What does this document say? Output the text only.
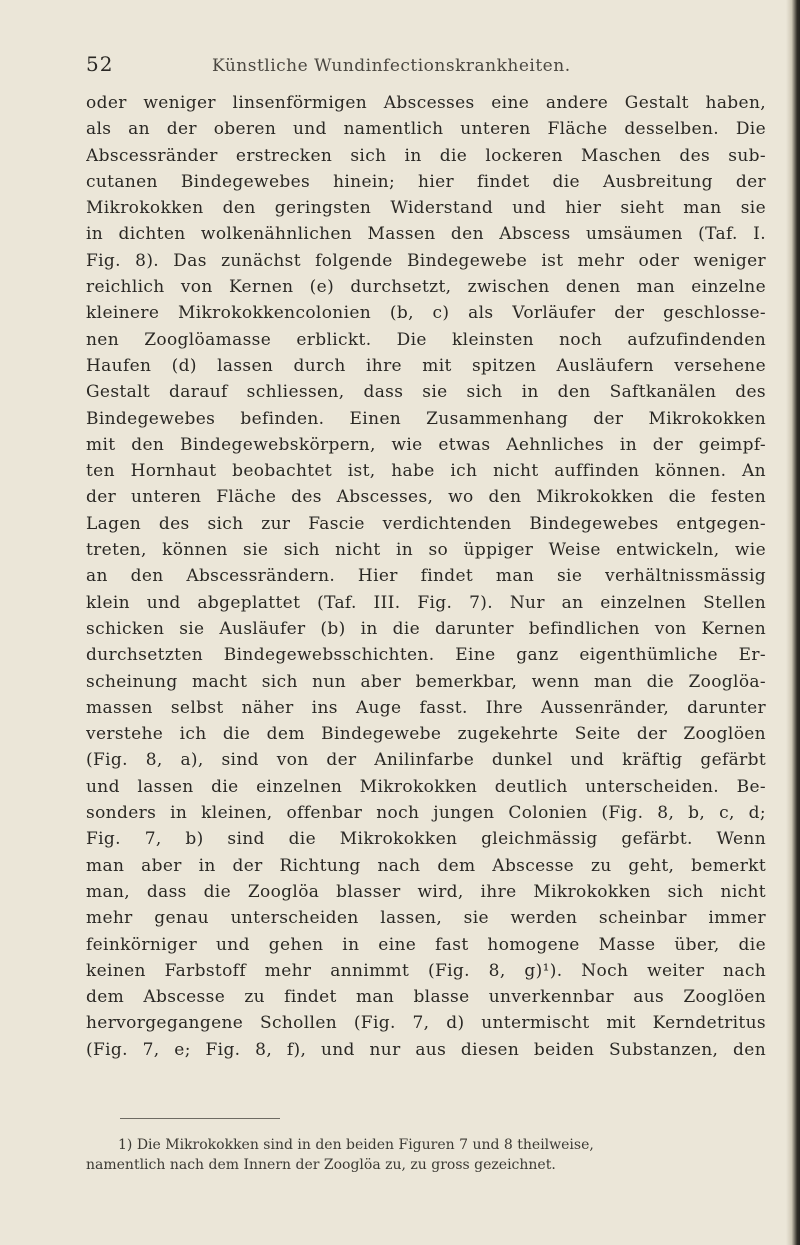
52	Künstliche Wundinfectionskrankheiten.
oder weniger linsenförmigen Abscesses eine andere Gestalt haben,
als an der oberen und namentlich unteren Fläche desselben. Die
Abscessränder erstrecken sich in die lockeren Maschen des sub-
cutanen Bindegewebes hinein; hier findet die Ausbreitung der
Mikrokokken den geringsten Widerstand und hier sieht man sie
in dichten wolkenähnlichen Massen den Abscess umsäumen (Taf. I.
Fig. 8). Das zunächst folgende Bindegewebe ist mehr oder weniger
reichlich von Kernen (e) durchsetzt, zwischen denen man einzelne
kleinere Mikrokokkencolonien (b, c) als Vorläufer der geschlosse-
nen Zooglöamasse erblickt. Die kleinsten noch aufzufindenden
Haufen (d) lassen durch ihre mit spitzen Ausläufern versehene
Gestalt darauf schliessen, dass sie sich in den Saftkanälen des
Bindegewebes befinden. Einen Zusammenhang der Mikrokokken
mit den Bindegewebskörpern, wie etwas Aehnliches in der geimpf-
ten Hornhaut beobachtet ist, habe ich nicht auffinden können. An
der unteren Fläche des Abscesses, wo den Mikrokokken die festen
Lagen des sich zur Fascie verdichtenden Bindegewebes entgegen-
treten, können sie sich nicht in so üppiger Weise entwickeln, wie
an den Abscessrändern. Hier findet man sie verhältnissmässig
klein und abgeplattet (Taf. III. Fig. 7). Nur an einzelnen Stellen
schicken sie Ausläufer (b) in die darunter befindlichen von Kernen
durchsetzten Bindegewebsschichten. Eine ganz eigenthümliche Er-
scheinung macht sich nun aber bemerkbar, wenn man die Zooglöa-
massen selbst näher ins Auge fasst. Ihre Aussenränder, darunter
verstehe ich die dem Bindegewebe zugekehrte Seite der Zooglöen
(Fig. 8, a), sind von der Anilinfarbe dunkel und kräftig gefärbt
und lassen die einzelnen Mikrokokken deutlich unterscheiden. Be-
sonders in kleinen, offenbar noch jungen Colonien (Fig. 8, b, c, d;
Fig. 7, b) sind die Mikrokokken gleichmässig gefärbt. Wenn
man aber in der Richtung nach dem Abscesse zu geht, bemerkt
man, dass die Zooglöa blasser wird, ihre Mikrokokken sich nicht
mehr genau unterscheiden lassen, sie werden scheinbar immer
feinkörniger und gehen in eine fast homogene Masse über, die
keinen Farbstoff mehr annimmt (Fig. 8, g)¹). Noch weiter nach
dem Abscesse zu findet man blasse unverkennbar aus Zooglöen
hervorgegangene Schollen (Fig. 7, d) untermischt mit Kerndetritus
(Fig. 7, e; Fig. 8, f), und nur aus diesen beiden Substanzen, den
1) Die Mikrokokken sind in den beiden Figuren 7 und 8 theilweise,
namentlich nach dem Innern der Zooglöa zu, zu gross gezeichnet.
